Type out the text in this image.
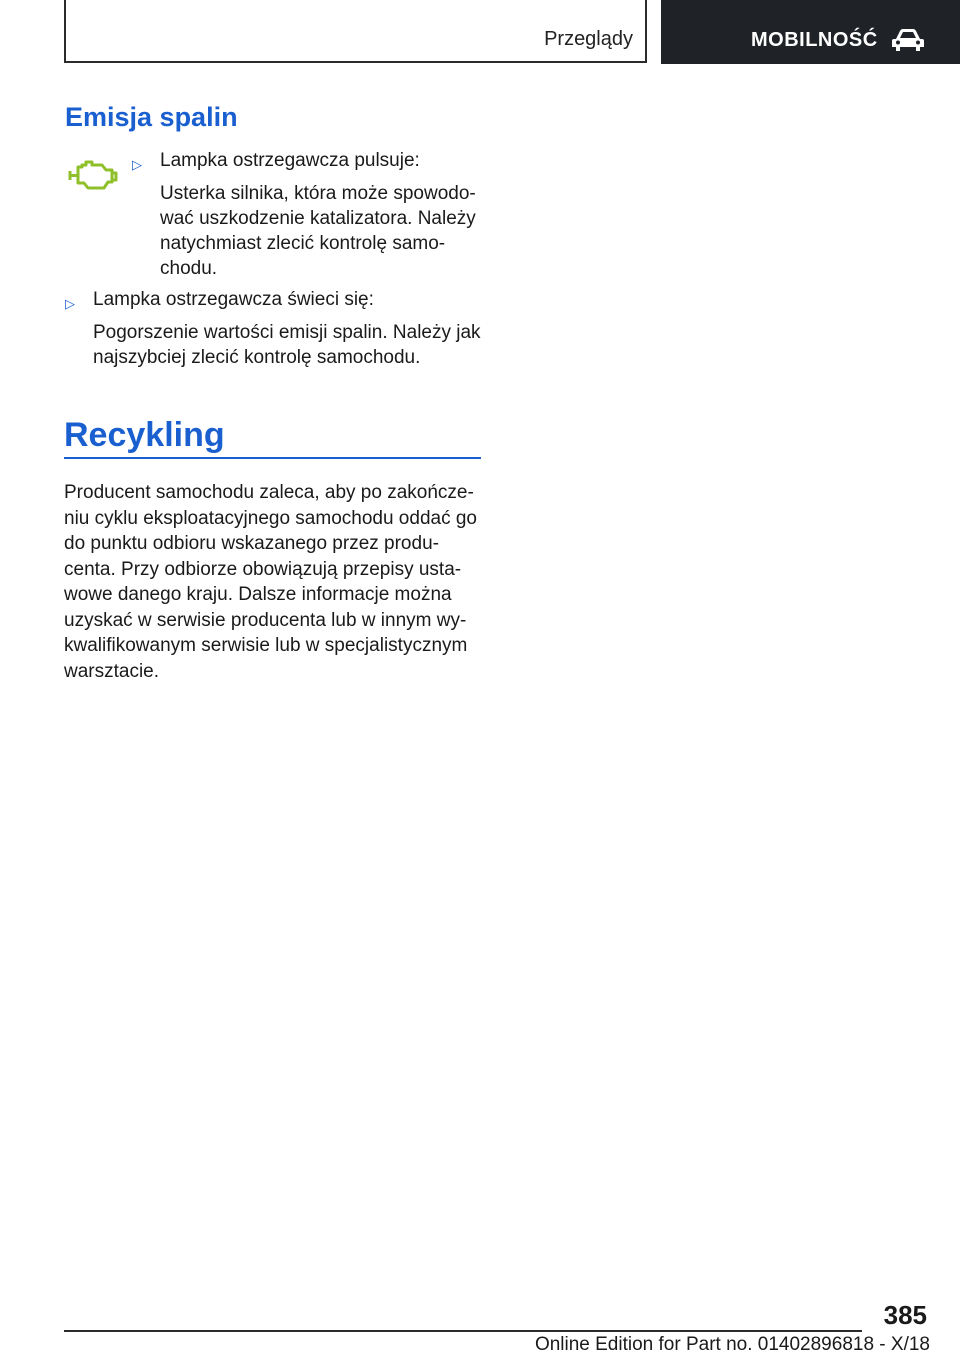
Przeglądy	MOBILNOŚĆ
Emisja spalin
▷ Lampka ostrzegawcza pulsuje:
Usterka silnika, która może spowodo-
wać uszkodzenie katalizatora. Należy
natychmiast zlecić kontrolę samo-
chodu.
▷ Lampka ostrzegawcza świeci się:
Pogorszenie wartości emisji spalin. Należy jak
najszybciej zlecić kontrolę samochodu.
Recykling

Producent samochodu zaleca, aby po zakończe-
niu cyklu eksploatacyjnego samochodu oddać go
do punktu odbioru wskazanego przez produ-
centa. Przy odbiorze obowiązują przepisy usta-
wowe danego kraju. Dalsze informacje można
uzyskać w serwisie producenta lub w innym wy-
kwalifikowanym serwisie lub w specjalistycznym
warsztacie.

385
Online Edition for Part no. 01402896818 - X/18
